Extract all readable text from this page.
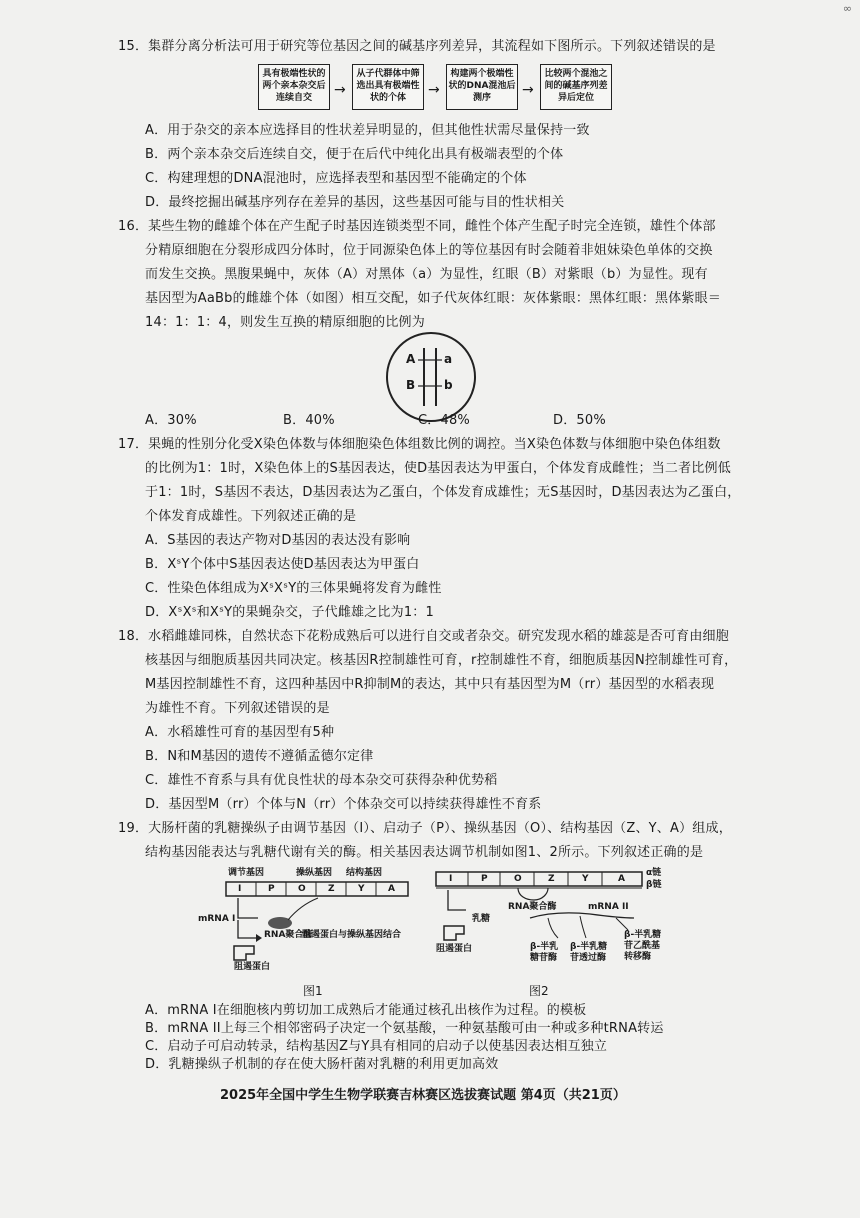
∞
15．集群分离分析法可用于研究等位基因之间的碱基序列差异，其流程如下图所示。下列叙述错误的是
具有极端性状的两个亲本杂交后连续自交	→
从子代群体中筛选出具有极端性状的个体	→
构建两个极端性状的DNA混池后测序	→
比较两个混池之间的碱基序列差异后定位
A．用于杂交的亲本应选择目的性状差异明显的，但其他性状需尽量保持一致
B．两个亲本杂交后连续自交，便于在后代中纯化出具有极端表型的个体
C．构建理想的DNA混池时，应选择表型和基因型不能确定的个体
D．最终挖掘出碱基序列存在差异的基因，这些基因可能与目的性状相关
16．某些生物的雌雄个体在产生配子时基因连锁类型不同，雌性个体产生配子时完全连锁，雄性个体部
分精原细胞在分裂形成四分体时，位于同源染色体上的等位基因有时会随着非姐妹染色单体的交换
而发生交换。黑腹果蝇中，灰体（A）对黑体（a）为显性，红眼（B）对紫眼（b）为显性。现有
基因型为AaBb的雌雄个体（如图）相互交配，如子代灰体红眼：灰体紫眼：黑体红眼：黑体紫眼＝
14：1：1：4，则发生互换的精原细胞的比例为
A a
B b
A．30%	B．40%	C．48%	D．50%
17．果蝇的性别分化受X染色体数与体细胞染色体组数比例的调控。当X染色体数与体细胞中染色体组数
的比例为1：1时，X染色体上的S基因表达，使D基因表达为甲蛋白，个体发育成雌性；当二者比例低
于1：1时，S基因不表达，D基因表达为乙蛋白，个体发育成雄性；无S基因时，D基因表达为乙蛋白，
个体发育成雄性。下列叙述正确的是
A．S基因的表达产物对D基因的表达没有影响
B．XˢY个体中S基因表达使D基因表达为甲蛋白
C．性染色体组成为XˢXˢY的三体果蝇将发育为雌性
D．XˢXˢ和XˢY的果蝇杂交，子代雌雄之比为1：1
18．水稻雌雄同株，自然状态下花粉成熟后可以进行自交或者杂交。研究发现水稻的雄蕊是否可育由细胞
核基因与细胞质基因共同决定。核基因R控制雄性可育，r控制雄性不育，细胞质基因N控制雄性可育，
M基因控制雄性不育，这四种基因中R抑制M的表达，其中只有基因型为M（rr）基因型的水稻表现
为雄性不育。下列叙述错误的是
A．水稻雄性可育的基因型有5种
B．N和M基因的遗传不遵循孟德尔定律
C．雄性不育系与具有优良性状的母本杂交可获得杂种优势稻
D．基因型M（rr）个体与N（rr）个体杂交可以持续获得雄性不育系
19．大肠杆菌的乳糖操纵子由调节基因（I）、启动子（P）、操纵基因（O）、结构基因（Z、Y、A）组成，
结构基因能表达与乳糖代谢有关的酶。相关基因表达调节机制如图1、2所示。下列叙述正确的是
调节基因	操纵基因 结构基因
I	P	O Z	Y	A
mRNA I
RNA聚合酶
阻遏蛋白与操纵基因结合
阻遏蛋白
图1
I	P	O	Z	Y	A
α链
β链
RNA聚合酶
乳糖
mRNA II
阻遏蛋白	β-半乳糖苷酶
β-半乳糖苷透过酶
β-半乳糖苷乙酰基转移酶
图2
A．mRNA I在细胞核内剪切加工成熟后才能通过核孔出核作为过程。的模板
B．mRNA II上每三个相邻密码子决定一个氨基酸，一种氨基酸可由一种或多种tRNA转运
C．启动子可启动转录，结构基因Z与Y具有相同的启动子以使基因表达相互独立
D．乳糖操纵子机制的存在使大肠杆菌对乳糖的利用更加高效
2025年全国中学生生物学联赛吉林赛区选拔赛试题 第4页（共21页）
